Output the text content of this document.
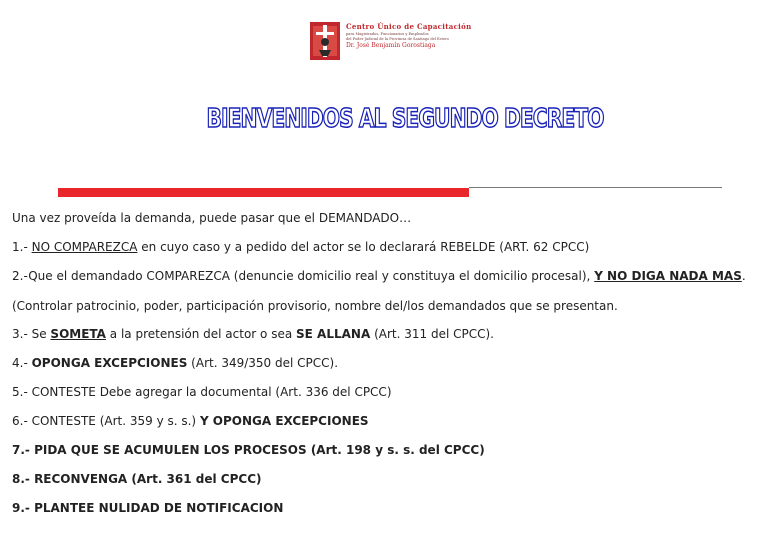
Centro Único de Capacitación
para Magistrados, Funcionarios y Empleados
del Poder Judicial de la Provincia de Santiago del Estero
Dr. José Benjamín Gorostiaga
BIENVENIDOS AL SEGUNDO DECRETO
Una vez proveída la demanda, puede pasar que el DEMANDADO…
1.- NO COMPAREZCA en cuyo caso y a pedido del actor se lo declarará REBELDE (ART. 62 CPCC)
2.-Que el demandado COMPAREZCA (denuncie domicilio real y constituya el domicilio procesal), Y NO DIGA NADA MAS.
(Controlar patrocinio, poder, participación provisorio, nombre del/los demandados que se presentan.
3.- Se SOMETA a la pretensión del actor o sea SE ALLANA (Art. 311 del CPCC).
4.- OPONGA EXCEPCIONES (Art. 349/350 del CPCC).
5.- CONTESTE Debe agregar la documental (Art. 336 del CPCC)
6.- CONTESTE (Art. 359 y s. s.) Y OPONGA EXCEPCIONES
7.- PIDA QUE SE ACUMULEN LOS PROCESOS (Art. 198 y s. s. del CPCC)
8.- RECONVENGA (Art. 361 del CPCC)
9.- PLANTEE NULIDAD DE NOTIFICACION
